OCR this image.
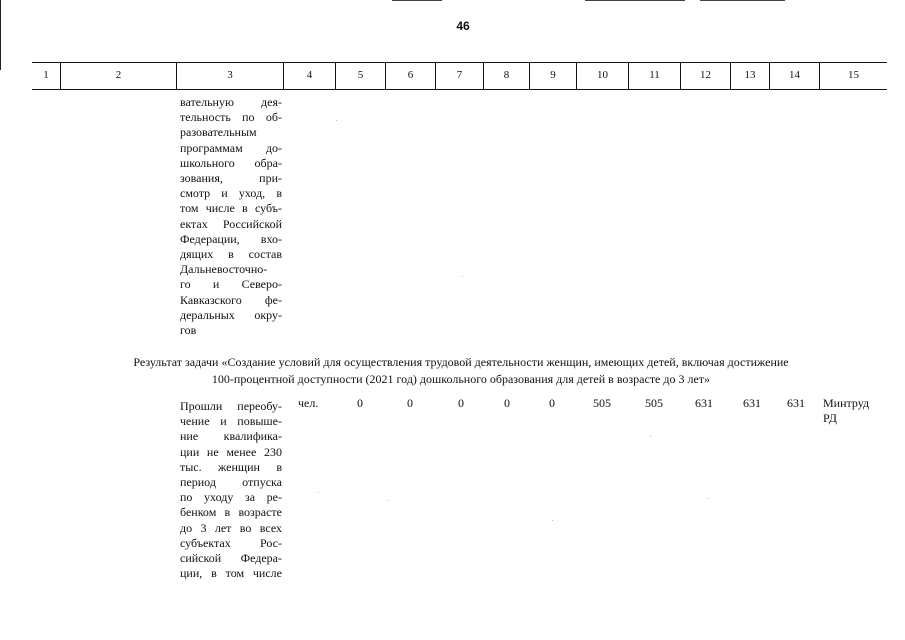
46
1	2	3	4	5	6	7	8	9	10	11	12	13	14	15
вательную дея-
тельность по об-
разовательным
программам до-
школьного обра-
зования, при-
смотр и уход, в
том числе в субъ-
ектах Российской
Федерации, вхо-
дящих в состав
Дальневосточно-
го и Северо-
Кавказского фе-
деральных окру-
гов
Результат задачи «Создание условий для осуществления трудовой деятельности женщин, имеющих детей, включая достижение
100-процентной доступности (2021 год) дошкольного образования для детей в возрасте до 3 лет»
Прошли переобу-
чение и повыше-
ние квалифика-
ции не менее 230
тыс. женщин в
период отпуска
по уходу за ре-
бенком в возрасте
до 3 лет во всех
субъектах Рос-
сийской Федера-
ции, в том числе
чел.	0	0	0	0	0	505	505	631	631	631	Минтруд
РД
